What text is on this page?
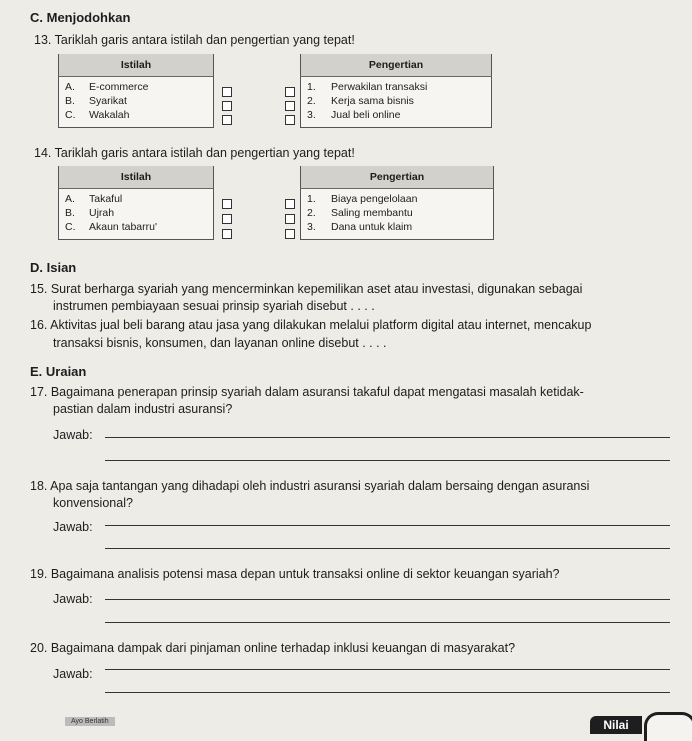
C. Menjodohkan
13. Tariklah garis antara istilah dan pengertian yang tepat!
Istilah	
A.	E-commerce
B.	Syarikat
C.	Wakalah
Pengertian	
1.	Perwakilan transaksi
2.	Kerja sama bisnis
3.	Jual beli online
14. Tariklah garis antara istilah dan pengertian yang tepat!
Istilah	
A.	Takaful
B.	Ujrah
C.	Akaun tabarru'
Pengertian	
1.	Biaya pengelolaan
2.	Saling membantu
3.	Dana untuk klaim
D. Isian
15. Surat berharga syariah yang mencerminkan kepemilikan aset atau investasi, digunakan sebagai
instrumen pembiayaan sesuai prinsip syariah disebut . . . .
16. Aktivitas jual beli barang atau jasa yang dilakukan melalui platform digital atau internet, mencakup
transaksi bisnis, konsumen, dan layanan online disebut . . . .
E. Uraian
17. Bagaimana penerapan prinsip syariah dalam asuransi takaful dapat mengatasi masalah ketidak-
pastian dalam industri asuransi?
Jawab:
18. Apa saja tantangan yang dihadapi oleh industri asuransi syariah dalam bersaing dengan asuransi
konvensional?
Jawab:
19. Bagaimana analisis potensi masa depan untuk transaksi online di sektor keuangan syariah?
Jawab:
20. Bagaimana dampak dari pinjaman online terhadap inklusi keuangan di masyarakat?
Jawab:
Ayo Berlatih	Nilai
